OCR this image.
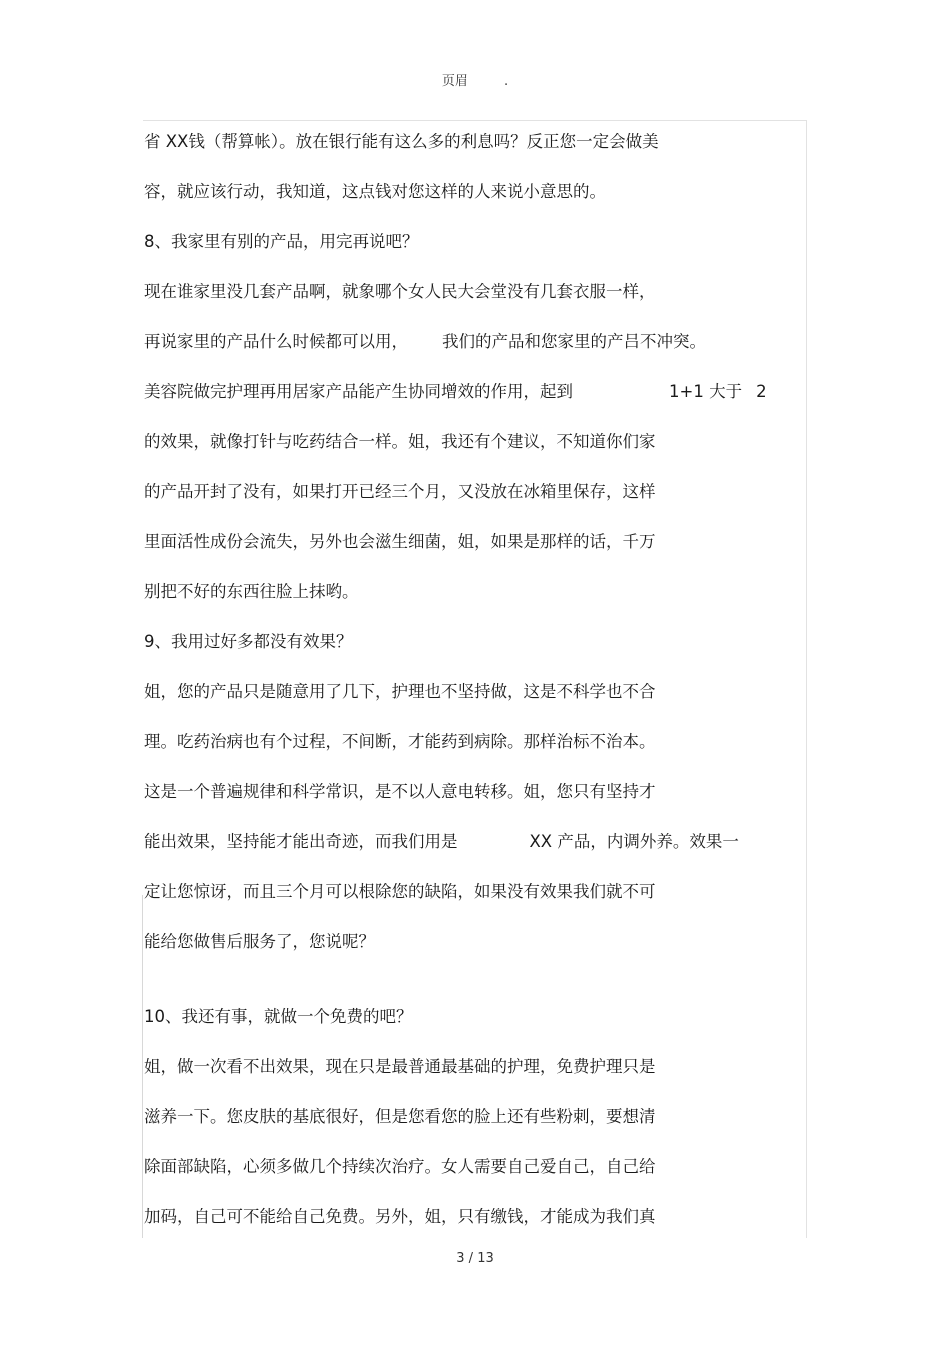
页眉	.
省 XX钱（帮算帐）。放在银行能有这么多的利息吗？反正您一定会做美
容，就应该行动，我知道，这点钱对您这样的人来说小意思的。
8、我家里有别的产品，用完再说吧？
现在谁家里没几套产品啊，就象哪个女人民大会堂没有几套衣服一样，
再说家里的产品什么时候都可以用， 我们的产品和您家里的产吕不冲突。
美容院做完护理再用居家产品能产生协同增效的作用，起到	1+1 大于 2
的效果，就像打针与吃药结合一样。姐，我还有个建议，不知道你们家
的产品开封了没有，如果打开已经三个月，又没放在冰箱里保存，这样
里面活性成份会流失，另外也会滋生细菌，姐，如果是那样的话，千万
别把不好的东西往脸上抹哟。
9、我用过好多都没有效果？
姐，您的产品只是随意用了几下，护理也不坚持做，这是不科学也不合
理。吃药治病也有个过程，不间断，才能药到病除。那样治标不治本。
这是一个普遍规律和科学常识，是不以人意电转移。姐，您只有坚持才
能出效果，坚持能才能出奇迹，而我们用是	XX 产品，内调外养。效果一
定让您惊讶，而且三个月可以根除您的缺陷，如果没有效果我们就不可
能给您做售后服务了，您说呢？
10、我还有事，就做一个免费的吧？
姐，做一次看不出效果，现在只是最普通最基础的护理，免费护理只是
滋养一下。您皮肤的基底很好，但是您看您的脸上还有些粉刺，要想清
除面部缺陷，心须多做几个持续次治疗。女人需要自己爱自己，自己给
加码，自己可不能给自己免费。另外，姐，只有缴钱，才能成为我们真
3 / 13
